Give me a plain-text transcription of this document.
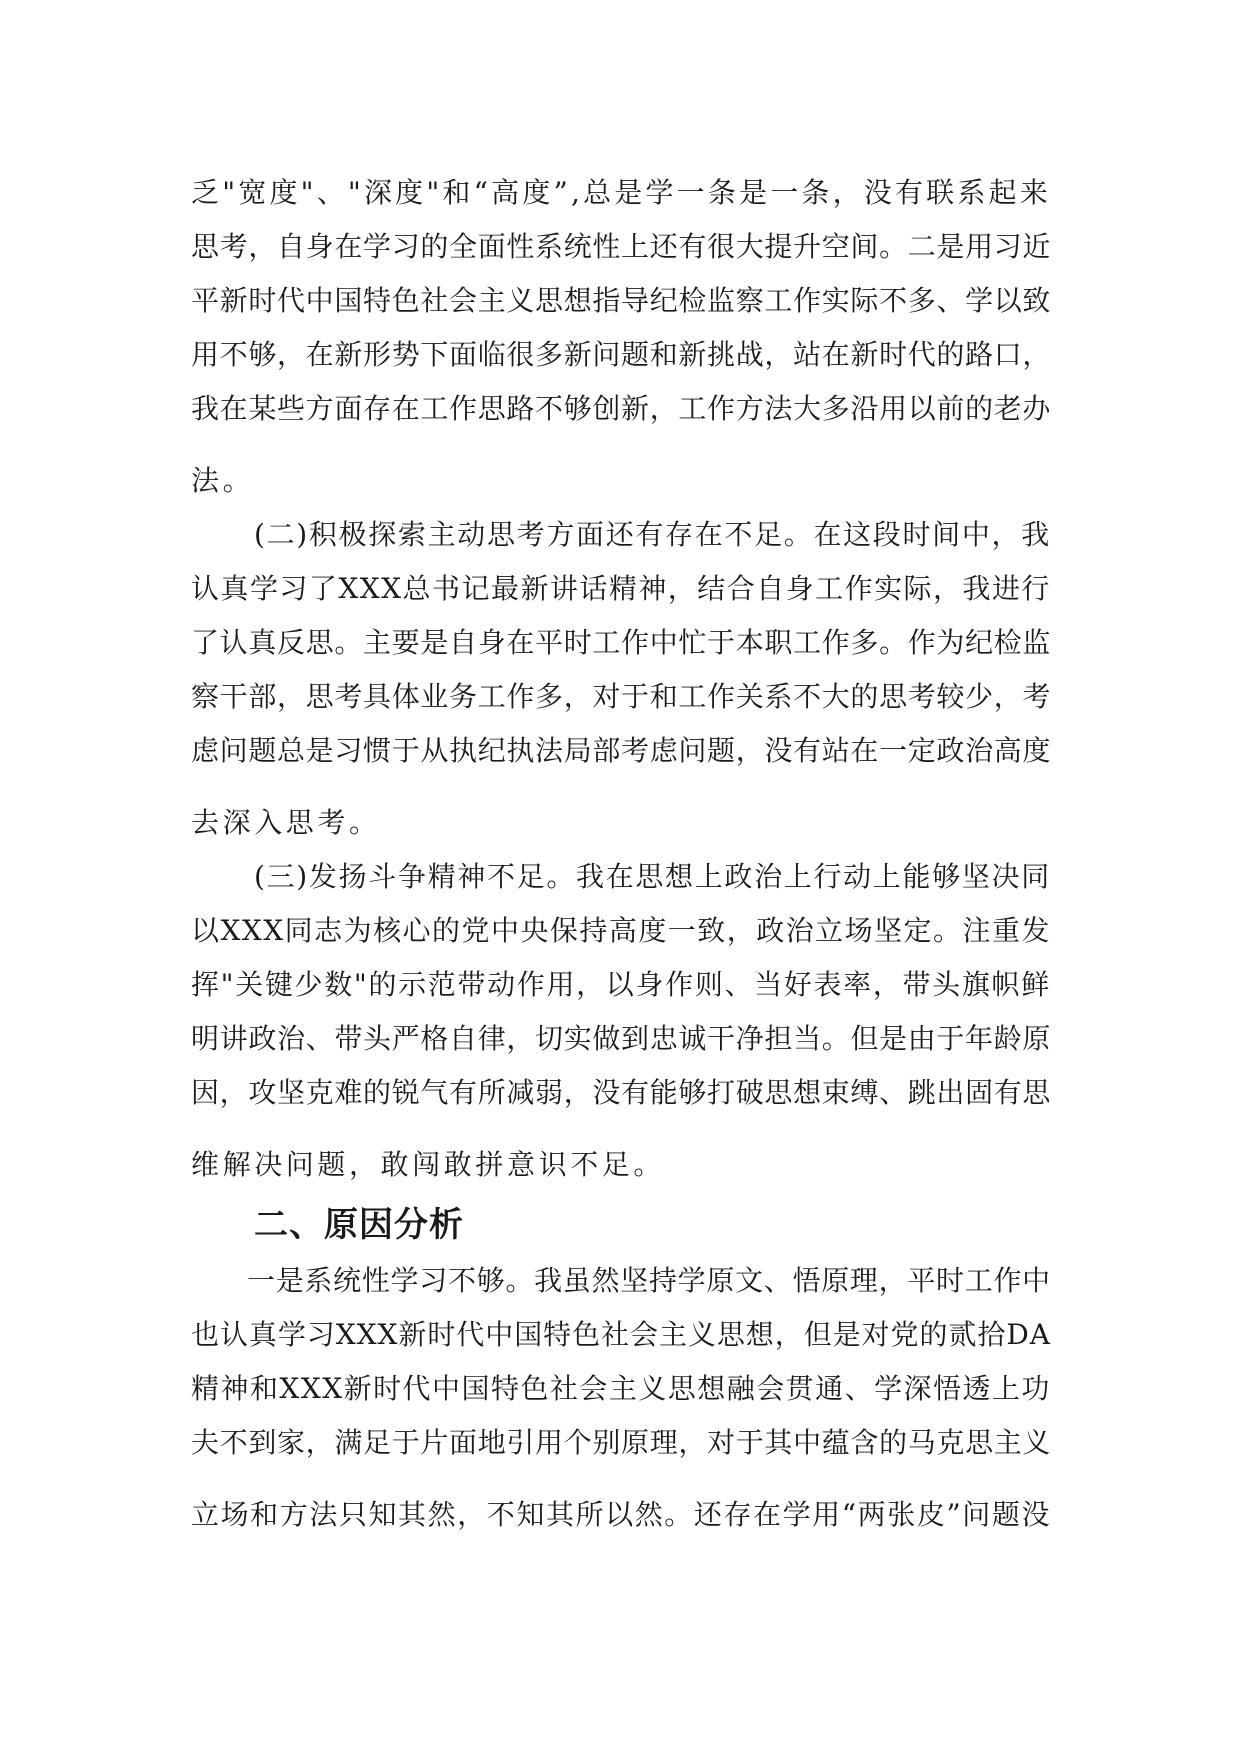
乏"宽度"、"深度"和“高度”,总是学一条是一条，没有联系起来
思考，自身在学习的全面性系统性上还有很大提升空间。二是用习近
平新时代中国特色社会主义思想指导纪检监察工作实际不多、学以致
用不够，在新形势下面临很多新问题和新挑战，站在新时代的路口，
我在某些方面存在工作思路不够创新，工作方法大多沿用以前的老办
法。
(二)积极探索主动思考方面还有存在不足。在这段时间中，我
认真学习了XXX总书记最新讲话精神，结合自身工作实际，我进行
了认真反思。主要是自身在平时工作中忙于本职工作多。作为纪检监
察干部，思考具体业务工作多，对于和工作关系不大的思考较少，考
虑问题总是习惯于从执纪执法局部考虑问题，没有站在一定政治高度
去深入思考。
(三)发扬斗争精神不足。我在思想上政治上行动上能够坚决同
以XXX同志为核心的党中央保持高度一致，政治立场坚定。注重发
挥"关键少数"的示范带动作用，以身作则、当好表率，带头旗帜鲜
明讲政治、带头严格自律，切实做到忠诚干净担当。但是由于年龄原
因，攻坚克难的锐气有所减弱，没有能够打破思想束缚、跳出固有思
维解决问题，敢闯敢拼意识不足。
二、原因分析
一是系统性学习不够。我虽然坚持学原文、悟原理，平时工作中
也认真学习XXX新时代中国特色社会主义思想，但是对党的贰拾DA
精神和XXX新时代中国特色社会主义思想融会贯通、学深悟透上功
夫不到家，满足于片面地引用个别原理，对于其中蕴含的马克思主义
立场和方法只知其然，不知其所以然。还存在学用“两张皮”问题没
